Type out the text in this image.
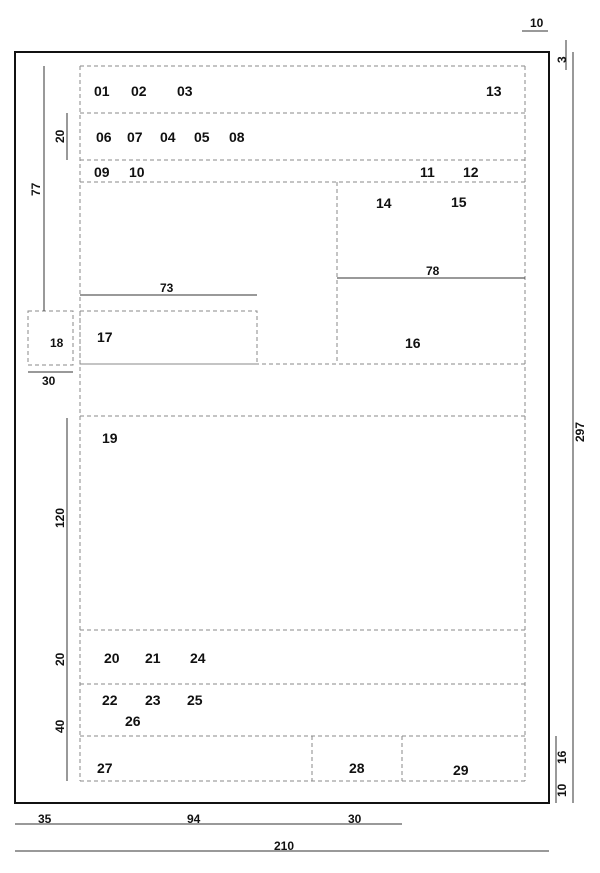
01 02 03	13
06 07 04 05 08
09 10	11 12
14	15
16
17
19
20 21 24
22 23 25
26
27	28	29
18
77
20
30
120
20
40
73
78
10
3
297
16
10
35	94	30
210
